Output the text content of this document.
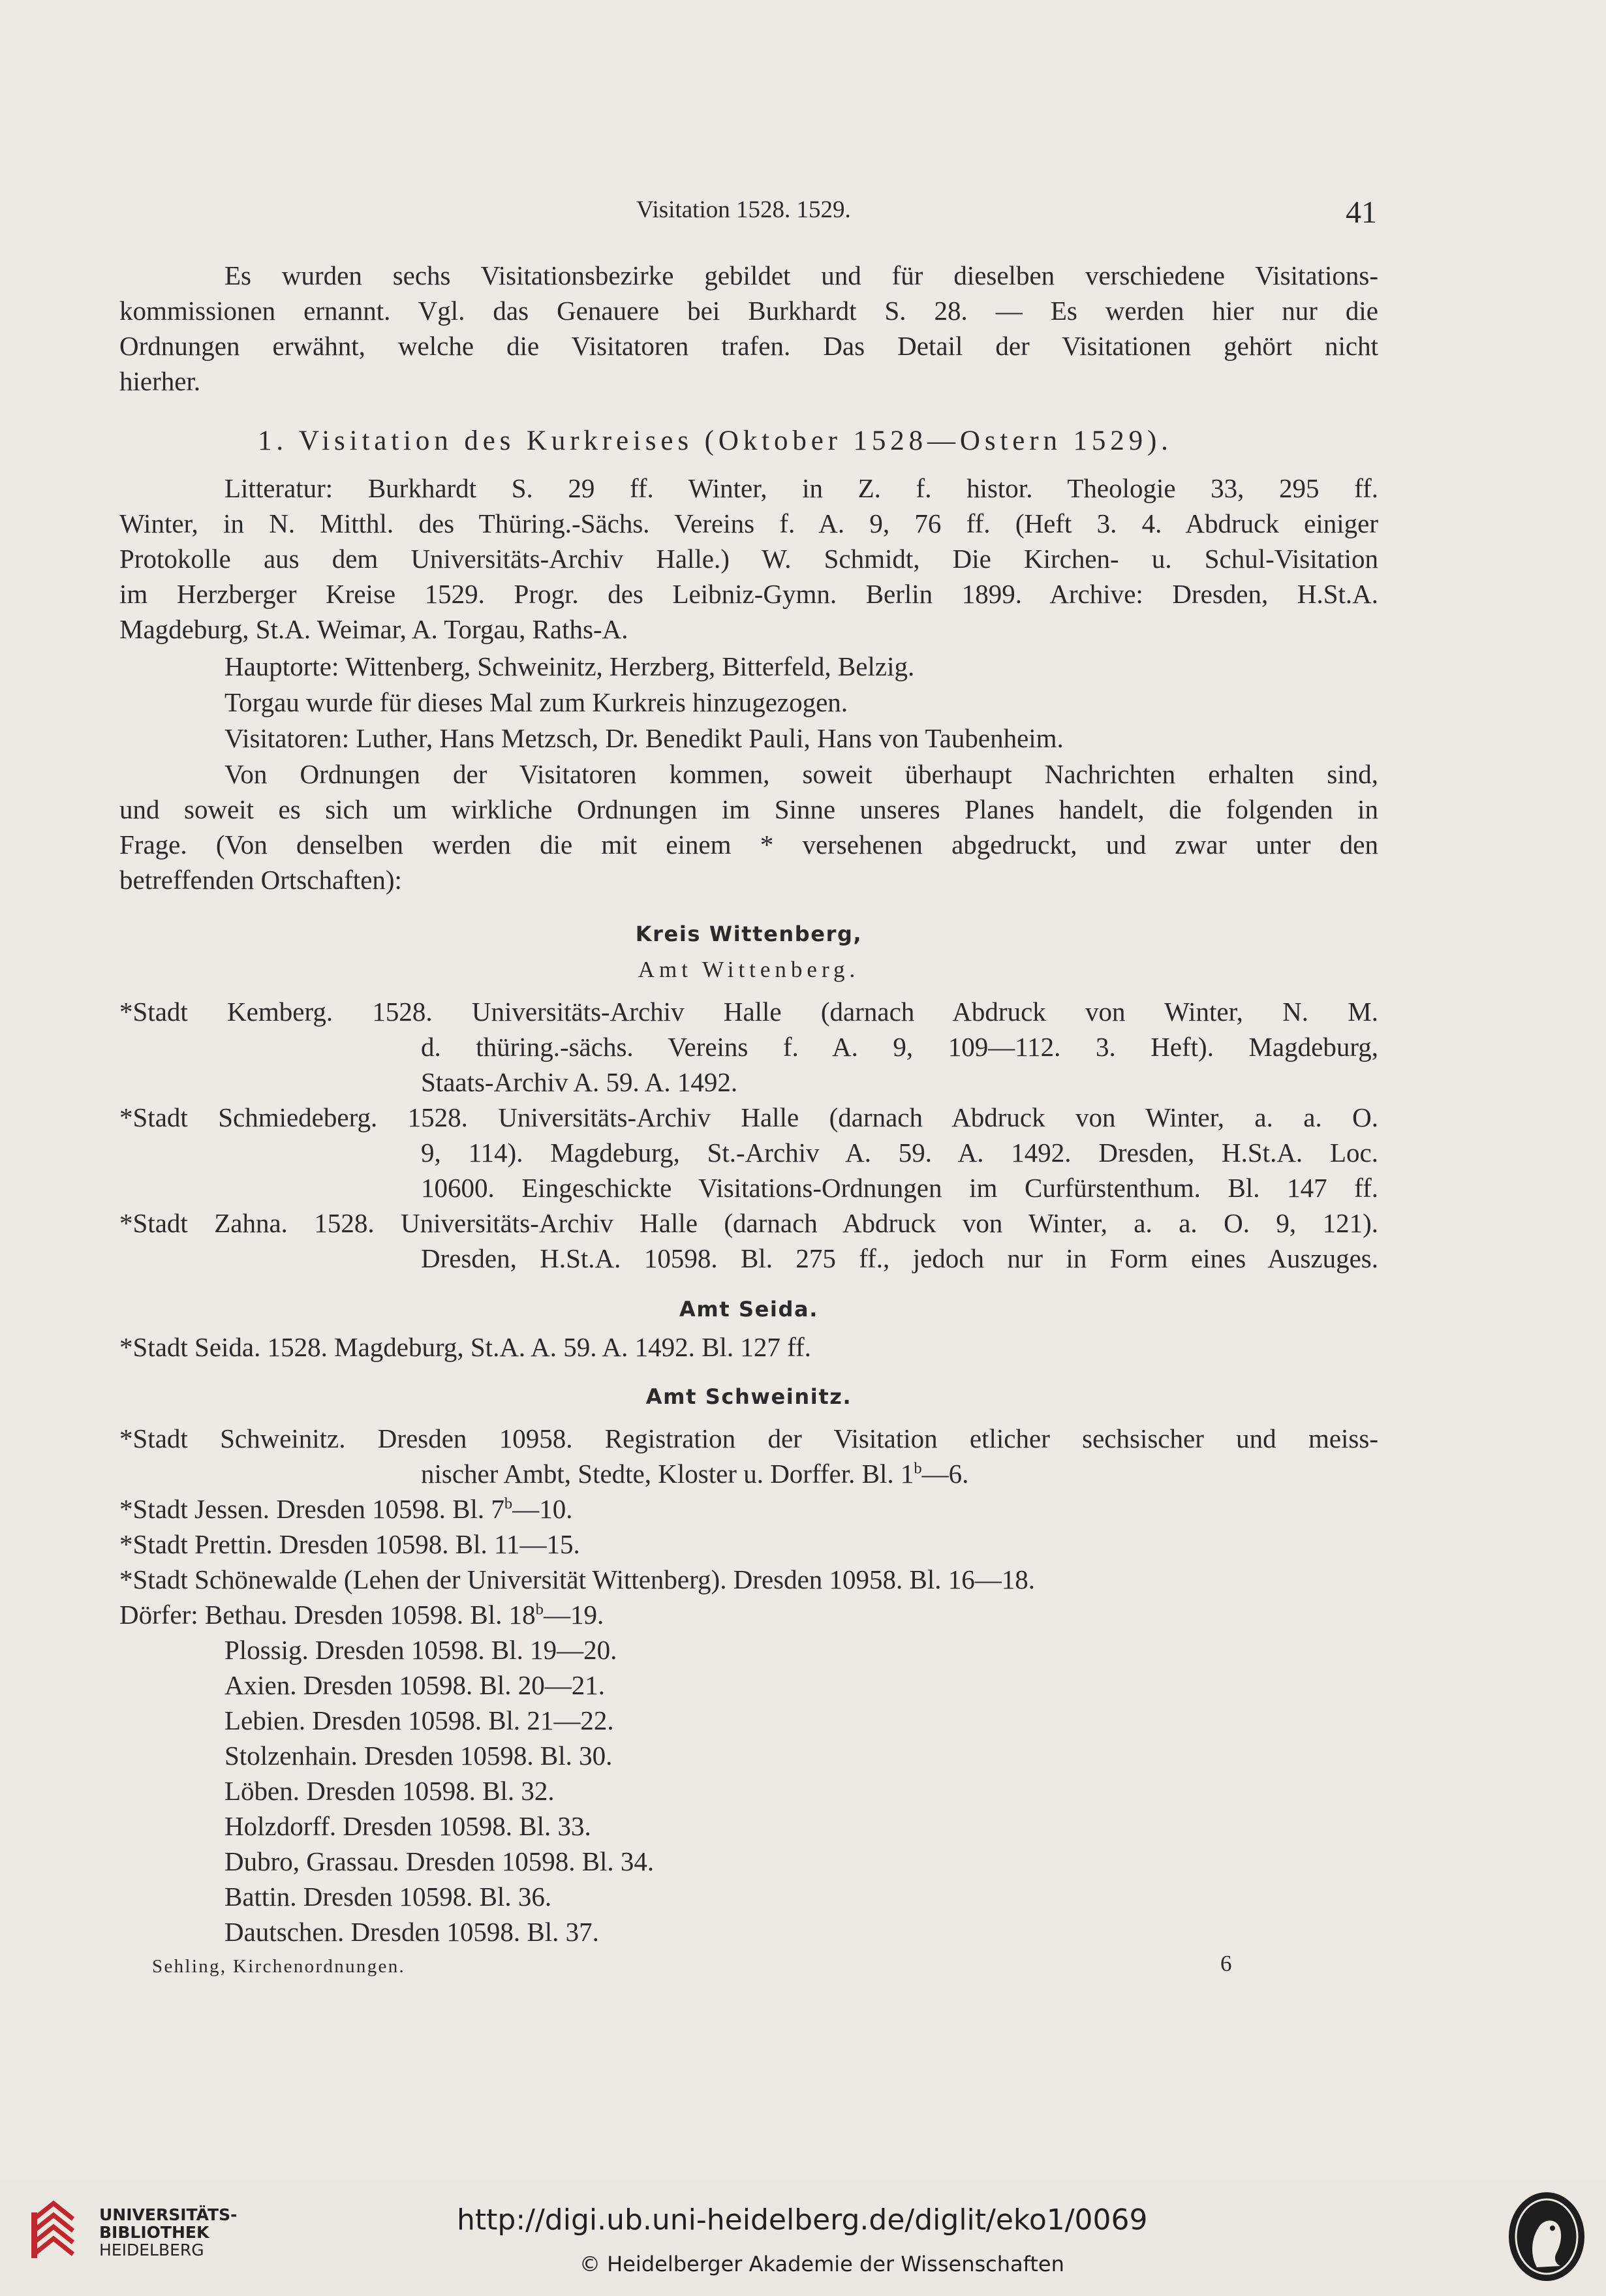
Visitation 1528. 1529.	41
Es wurden sechs Visitationsbezirke gebildet und für dieselben verschiedene Visitations-
kommissionen ernannt. Vgl. das Genauere bei Burkhardt S. 28. — Es werden hier nur die
Ordnungen erwähnt, welche die Visitatoren trafen. Das Detail der Visitationen gehört nicht
hierher.
1. Visitation des Kurkreises (Oktober 1528—Ostern 1529).
Litteratur: Burkhardt S. 29 ff. Winter, in Z. f. histor. Theologie 33, 295 ff.
Winter, in N. Mitthl. des Thüring.-Sächs. Vereins f. A. 9, 76 ff. (Heft 3. 4. Abdruck einiger
Protokolle aus dem Universitäts-Archiv Halle.) W. Schmidt, Die Kirchen- u. Schul-Visitation
im Herzberger Kreise 1529. Progr. des Leibniz-Gymn. Berlin 1899. Archive: Dresden, H.St.A.
Magdeburg, St.A. Weimar, A. Torgau, Raths-A.
Hauptorte: Wittenberg, Schweinitz, Herzberg, Bitterfeld, Belzig.
Torgau wurde für dieses Mal zum Kurkreis hinzugezogen.
Visitatoren: Luther, Hans Metzsch, Dr. Benedikt Pauli, Hans von Taubenheim.
Von Ordnungen der Visitatoren kommen, soweit überhaupt Nachrichten erhalten sind,
und soweit es sich um wirkliche Ordnungen im Sinne unseres Planes handelt, die folgenden in
Frage. (Von denselben werden die mit einem * versehenen abgedruckt, und zwar unter den
betreffenden Ortschaften):
Kreis Wittenberg,
Amt Wittenberg.
*Stadt Kemberg. 1528. Universitäts-Archiv Halle (darnach Abdruck von Winter, N. M.
d. thüring.-sächs. Vereins f. A. 9, 109—112. 3. Heft). Magdeburg,
Staats-Archiv A. 59. A. 1492.
*Stadt Schmiedeberg. 1528. Universitäts-Archiv Halle (darnach Abdruck von Winter, a. a. O.
9, 114). Magdeburg, St.-Archiv A. 59. A. 1492. Dresden, H.St.A. Loc.
10600. Eingeschickte Visitations-Ordnungen im Curfürstenthum. Bl. 147 ff.
*Stadt Zahna. 1528. Universitäts-Archiv Halle (darnach Abdruck von Winter, a. a. O. 9, 121).
Dresden, H.St.A. 10598. Bl. 275 ff., jedoch nur in Form eines Auszuges.
Amt Seida.
*Stadt Seida. 1528. Magdeburg, St.A. A. 59. A. 1492. Bl. 127 ff.
Amt Schweinitz.
*Stadt Schweinitz. Dresden 10958. Registration der Visitation etlicher sechsischer und meiss-
nischer Ambt, Stedte, Kloster u. Dorffer. Bl. 1$^b$—6.
*Stadt Jessen. Dresden 10598. Bl. 7$^b$—10.
*Stadt Prettin. Dresden 10598. Bl. 11—15.
*Stadt Schönewalde (Lehen der Universität Wittenberg). Dresden 10958. Bl. 16—18.
Dörfer: Bethau. Dresden 10598. Bl. 18$^b$—19.
Plossig. Dresden 10598. Bl. 19—20.
Axien. Dresden 10598. Bl. 20—21.
Lebien. Dresden 10598. Bl. 21—22.
Stolzenhain. Dresden 10598. Bl. 30.
Löben. Dresden 10598. Bl. 32.
Holzdorff. Dresden 10598. Bl. 33.
Dubro, Grassau. Dresden 10598. Bl. 34.
Battin. Dresden 10598. Bl. 36.
Dautschen. Dresden 10598. Bl. 37.
Sehling, Kirchenordnungen.	6
UNIVERSITÄTS-
BIBLIOTHEK
HEIDELBERG
http://digi.ub.uni-heidelberg.de/diglit/eko1/0069
© Heidelberger Akademie der Wissenschaften
